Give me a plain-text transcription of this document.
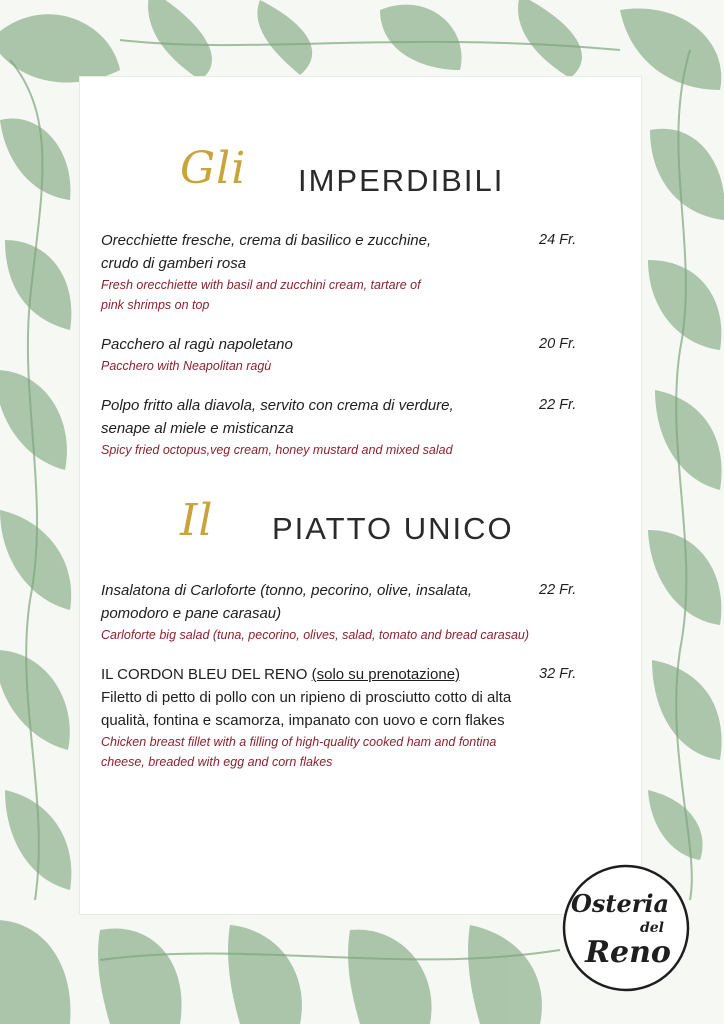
Gli IMPERDIBILI
Orecchiette fresche, crema di basilico e zucchine,
crudo di gamberi rosa
Fresh orecchiette with basil and zucchini cream, tartare of
pink shrimps on top
24 Fr.
Pacchero al ragù napoletano
Pacchero with Neapolitan ragù
20 Fr.
Polpo fritto alla diavola, servito con crema di verdure,
senape al miele e misticanza
Spicy fried octopus,veg cream, honey mustard and mixed salad
22 Fr.
Il PIATTO UNICO
Insalatona di Carloforte (tonno, pecorino, olive, insalata,
pomodoro e pane carasau)
Carloforte big salad (tuna, pecorino, olives, salad, tomato and bread carasau)
22 Fr.
IL CORDON BLEU DEL RENO (solo su prenotazione)
Filetto di petto di pollo con un ripieno di prosciutto cotto di alta
qualità, fontina e scamorza, impanato con uovo e corn flakes
Chicken breast fillet with a filling of high-quality cooked ham and fontina
cheese, breaded with egg and corn flakes
32 Fr.
Osteria
del
Reno
